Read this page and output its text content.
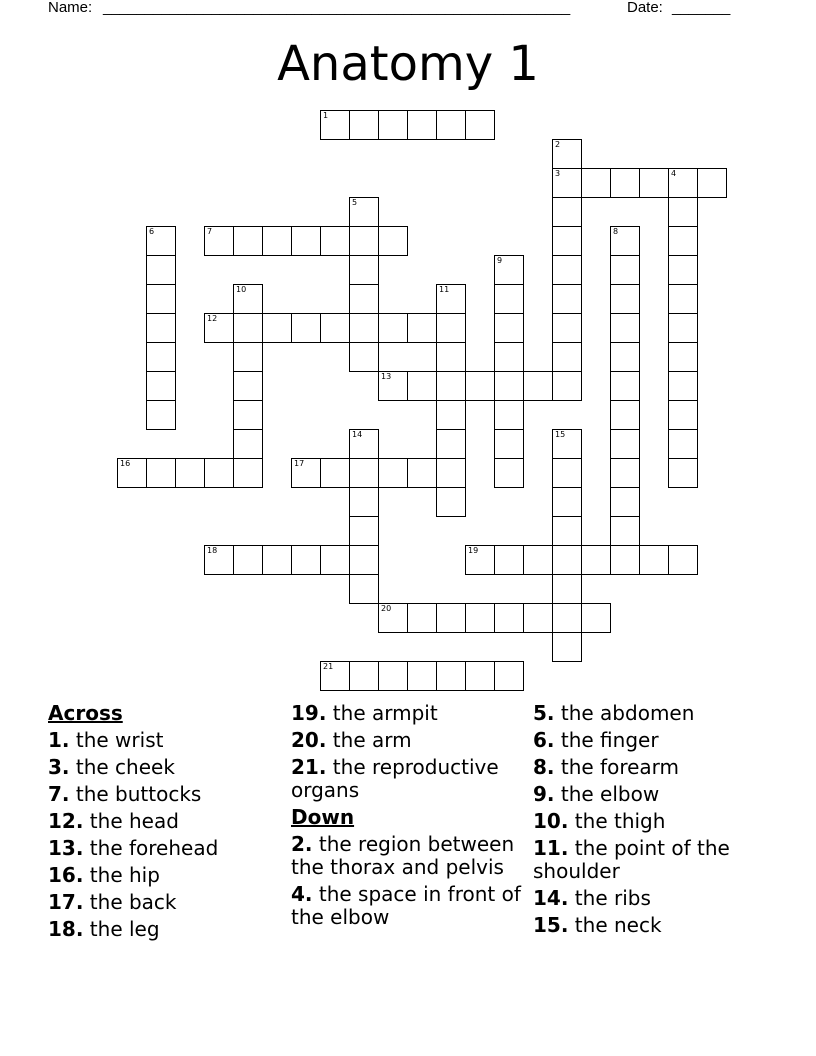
Name: ________________________________________________________	Date: _______
Anatomy 1
1
2
3	4
5
6	7	8
9
10	11
12
13
14	15
16	17
18	19
20
21
Across
1. the wrist
3. the cheek
7. the buttocks
12. the head
13. the forehead
16. the hip
17. the back
18. the leg
19. the armpit
20. the arm
21. the reproductive organs
Down
2. the region between the thorax and pelvis
4. the space in front of the elbow
5. the abdomen
6. the finger
8. the forearm
9. the elbow
10. the thigh
11. the point of the shoulder
14. the ribs
15. the neck
